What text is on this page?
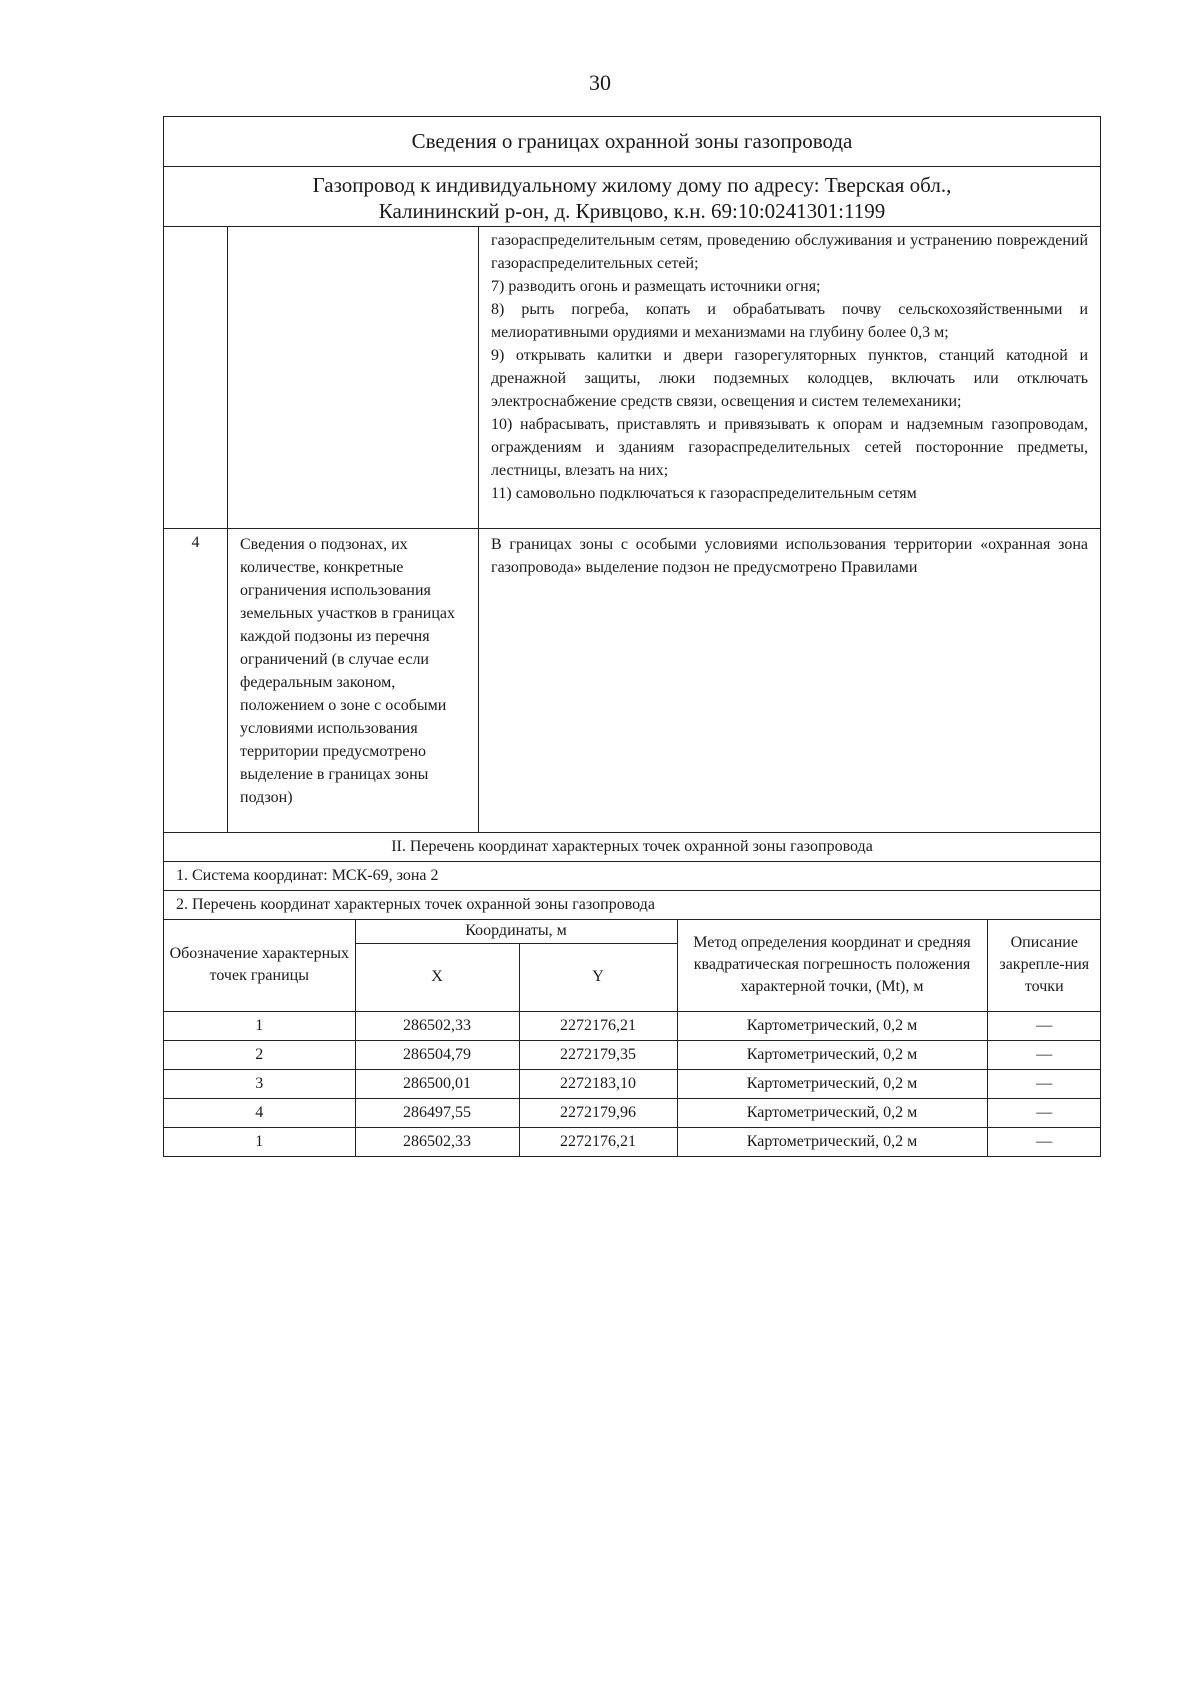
30
Сведения о границах охранной зоны газопровода

Газопровод к индивидуальному жилому дому по адресу: Тверская обл.,
Калининский р-он, д. Кривцово, к.н. 69:10:0241301:1199

газораспределительным сетям, проведению обслуживания и устранению повреждений газораспределительных сетей;

7) разводить огонь и размещать источники огня;

8) рыть погреба, копать и обрабатывать почву сельскохозяйственными и мелиоративными орудиями и механизмами на глубину более 0,3 м;

9) открывать калитки и двери газорегуляторных пунктов, станций катодной и дренажной защиты, люки подземных колодцев, включать или отключать электроснабжение средств связи, освещения и систем телемеханики;

10) набрасывать, приставлять и привязывать к опорам и надземным газопроводам, ограждениям и зданиям газораспределительных сетей посторонние предметы, лестницы, влезать на них;

11) самовольно подключаться к газораспределительным сетям

4	Сведения о подзонах, их количестве, конкретные ограничения использования земельных участков в границах каждой подзоны из перечня ограничений (в случае если федеральным законом, положением о зоне с особыми условиями использования территории предусмотрено выделение в границах зоны подзон)	В границах зоны с особыми условиями использования территории «охранная зона газопровода» выделение подзон не предусмотрено Правилами
II. Перечень координат характерных точек охранной зоны газопровода
1. Система координат: МСК-69, зона 2
2. Перечень координат характерных точек охранной зоны газопровода

Обозначение характерных точек границы	Координаты, м	Метод определения координат и средняя квадратическая погрешность положения характерной точки, (Mt), м	Описание закрепле-ния точки
X	Y
1	286502,33	2272176,21	Картометрический, 0,2 м	—
2	286504,79	2272179,35	Картометрический, 0,2 м	—
3	286500,01	2272183,10	Картометрический, 0,2 м	—
4	286497,55	2272179,96	Картометрический, 0,2 м	—
1	286502,33	2272176,21	Картометрический, 0,2 м	—
